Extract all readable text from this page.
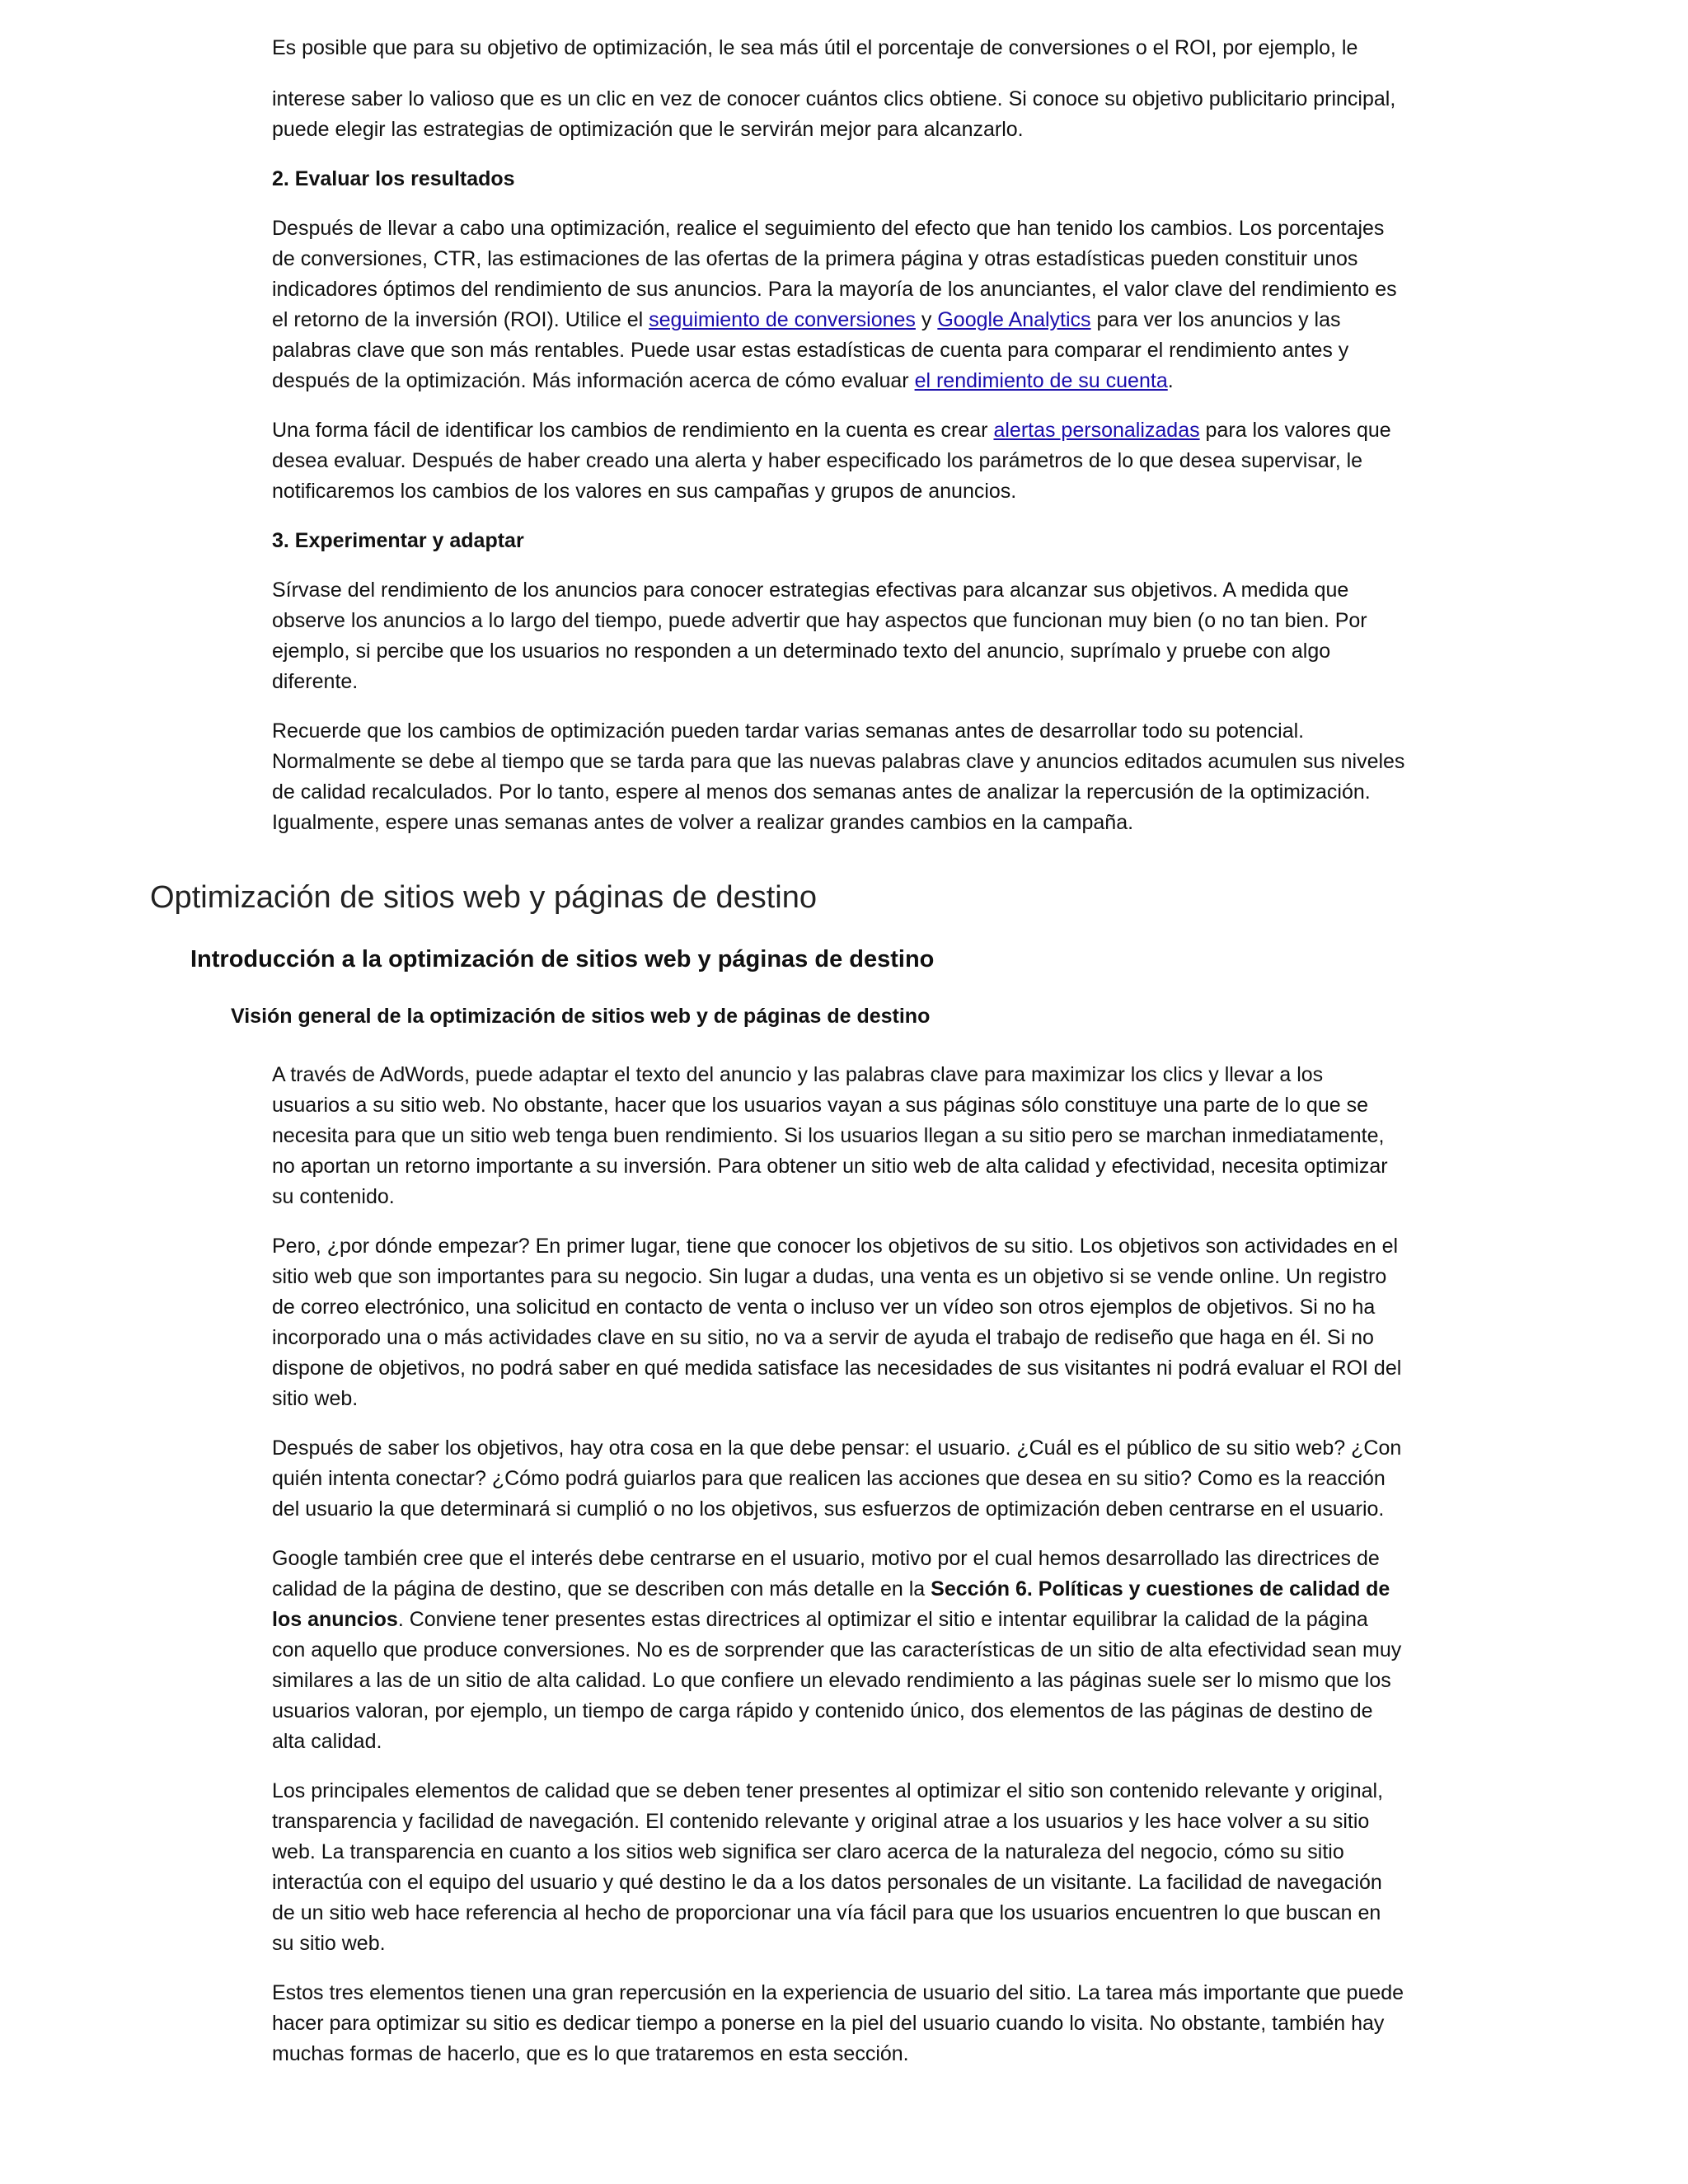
Es posible que para su objetivo de optimización, le sea más útil el porcentaje de conversiones o el ROI, por ejemplo, le

interese saber lo valioso que es un clic en vez de conocer cuántos clics obtiene. Si conoce su objetivo publicitario principal, puede elegir las estrategias de optimización que le servirán mejor para alcanzarlo.

2. Evaluar los resultados

Después de llevar a cabo una optimización, realice el seguimiento del efecto que han tenido los cambios. Los porcentajes de conversiones, CTR, las estimaciones de las ofertas de la primera página y otras estadísticas pueden constituir unos indicadores óptimos del rendimiento de sus anuncios. Para la mayoría de los anunciantes, el valor clave del rendimiento es el retorno de la inversión (ROI). Utilice el seguimiento de conversiones y Google Analytics para ver los anuncios y las palabras clave que son más rentables. Puede usar estas estadísticas de cuenta para comparar el rendimiento antes y después de la optimización. Más información acerca de cómo evaluar el rendimiento de su cuenta.

Una forma fácil de identificar los cambios de rendimiento en la cuenta es crear alertas personalizadas para los valores que desea evaluar. Después de haber creado una alerta y haber especificado los parámetros de lo que desea supervisar, le notificaremos los cambios de los valores en sus campañas y grupos de anuncios.

3. Experimentar y adaptar

Sírvase del rendimiento de los anuncios para conocer estrategias efectivas para alcanzar sus objetivos. A medida que observe los anuncios a lo largo del tiempo, puede advertir que hay aspectos que funcionan muy bien (o no tan bien. Por ejemplo, si percibe que los usuarios no responden a un determinado texto del anuncio, suprímalo y pruebe con algo diferente.

Recuerde que los cambios de optimización pueden tardar varias semanas antes de desarrollar todo su potencial. Normalmente se debe al tiempo que se tarda para que las nuevas palabras clave y anuncios editados acumulen sus niveles de calidad recalculados. Por lo tanto, espere al menos dos semanas antes de analizar la repercusión de la optimización. Igualmente, espere unas semanas antes de volver a realizar grandes cambios en la campaña.

Optimización de sitios web y páginas de destino
Introducción a la optimización de sitios web y páginas de destino
Visión general de la optimización de sitios web y de páginas de destino

A través de AdWords, puede adaptar el texto del anuncio y las palabras clave para maximizar los clics y llevar a los usuarios a su sitio web. No obstante, hacer que los usuarios vayan a sus páginas sólo constituye una parte de lo que se necesita para que un sitio web tenga buen rendimiento. Si los usuarios llegan a su sitio pero se marchan inmediatamente, no aportan un retorno importante a su inversión. Para obtener un sitio web de alta calidad y efectividad, necesita optimizar su contenido.

Pero, ¿por dónde empezar? En primer lugar, tiene que conocer los objetivos de su sitio. Los objetivos son actividades en el sitio web que son importantes para su negocio. Sin lugar a dudas, una venta es un objetivo si se vende online. Un registro de correo electrónico, una solicitud en contacto de venta o incluso ver un vídeo son otros ejemplos de objetivos. Si no ha incorporado una o más actividades clave en su sitio, no va a servir de ayuda el trabajo de rediseño que haga en él. Si no dispone de objetivos, no podrá saber en qué medida satisface las necesidades de sus visitantes ni podrá evaluar el ROI del sitio web.

Después de saber los objetivos, hay otra cosa en la que debe pensar: el usuario. ¿Cuál es el público de su sitio web? ¿Con quién intenta conectar? ¿Cómo podrá guiarlos para que realicen las acciones que desea en su sitio? Como es la reacción del usuario la que determinará si cumplió o no los objetivos, sus esfuerzos de optimización deben centrarse en el usuario.

Google también cree que el interés debe centrarse en el usuario, motivo por el cual hemos desarrollado las directrices de calidad de la página de destino, que se describen con más detalle en la Sección 6. Políticas y cuestiones de calidad de los anuncios. Conviene tener presentes estas directrices al optimizar el sitio e intentar equilibrar la calidad de la página con aquello que produce conversiones. No es de sorprender que las características de un sitio de alta efectividad sean muy similares a las de un sitio de alta calidad. Lo que confiere un elevado rendimiento a las páginas suele ser lo mismo que los usuarios valoran, por ejemplo, un tiempo de carga rápido y contenido único, dos elementos de las páginas de destino de alta calidad.

Los principales elementos de calidad que se deben tener presentes al optimizar el sitio son contenido relevante y original, transparencia y facilidad de navegación. El contenido relevante y original atrae a los usuarios y les hace volver a su sitio web. La transparencia en cuanto a los sitios web significa ser claro acerca de la naturaleza del negocio, cómo su sitio interactúa con el equipo del usuario y qué destino le da a los datos personales de un visitante. La facilidad de navegación de un sitio web hace referencia al hecho de proporcionar una vía fácil para que los usuarios encuentren lo que buscan en su sitio web.

Estos tres elementos tienen una gran repercusión en la experiencia de usuario del sitio. La tarea más importante que puede hacer para optimizar su sitio es dedicar tiempo a ponerse en la piel del usuario cuando lo visita. No obstante, también hay muchas formas de hacerlo, que es lo que trataremos en esta sección.
